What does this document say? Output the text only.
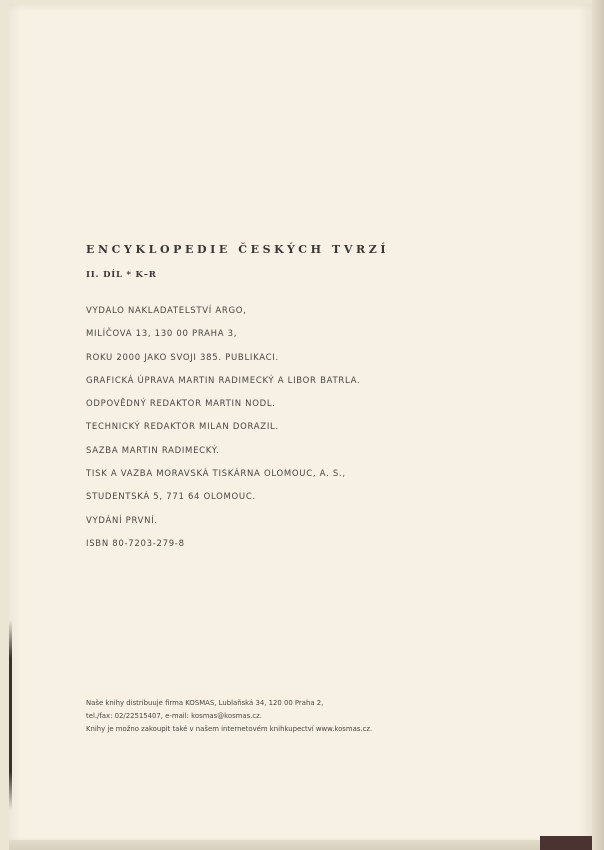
ENCYKLOPEDIE ČESKÝCH TVRZÍ
II. DÍL * K–R
VYDALO NAKLADATELSTVÍ ARGO,
MILÍČOVA 13, 130 00 PRAHA 3,
ROKU 2000 JAKO SVOJI 385. PUBLIKACI.
GRAFICKÁ ÚPRAVA MARTIN RADIMECKÝ A LIBOR BATRLA.
ODPOVĚDNÝ REDAKTOR MARTIN NODL.
TECHNICKÝ REDAKTOR MILAN DORAZIL.
SAZBA MARTIN RADIMECKÝ.
TISK A VAZBA MORAVSKÁ TISKÁRNA OLOMOUC, A. S.,
STUDENTSKÁ 5, 771 64 OLOMOUC.
VYDÁNÍ PRVNÍ.
ISBN 80-7203-279-8
Naše knihy distribuuje firma KOSMAS, Lublaňská 34, 120 00 Praha 2,
tel./fax: 02/22515407, e-mail: kosmas@kosmas.cz.
Knihy je možno zakoupit také v našem internetovém knihkupectví www.kosmas.cz.
